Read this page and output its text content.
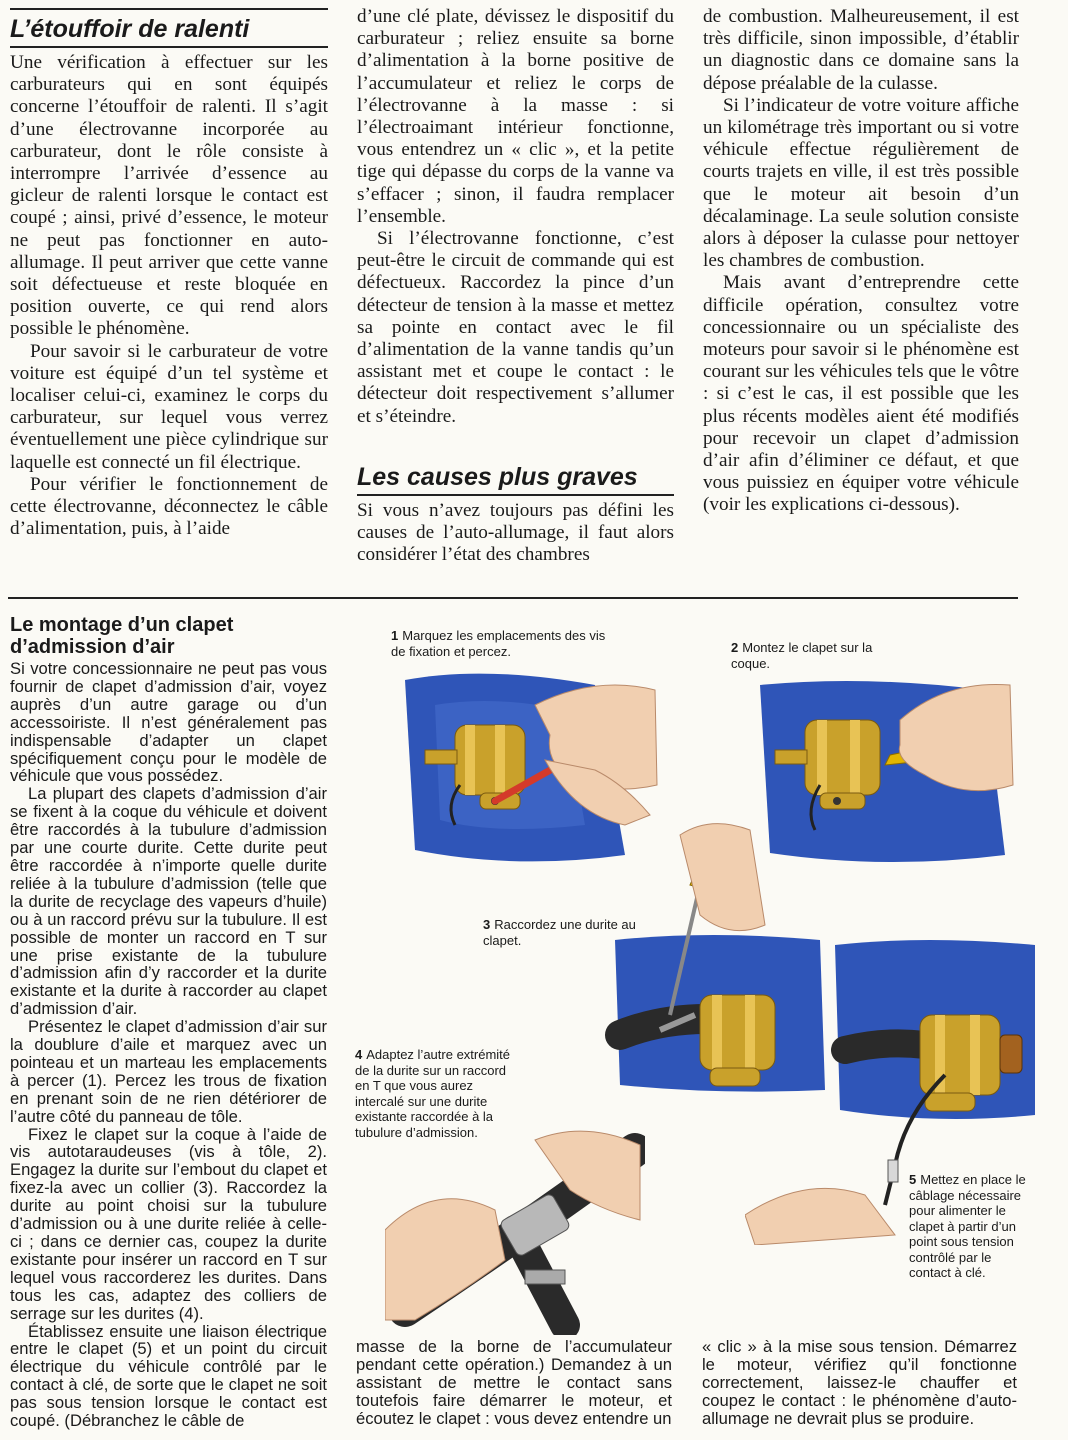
L’étouffoir de ralenti

Une vérification à effectuer sur les carburateurs qui en sont équipés concerne l’étouffoir de ralenti. Il s’agit d’une électrovanne incorporée au carburateur, dont le rôle consiste à interrompre l’arrivée d’essence au gicleur de ralenti lorsque le contact est coupé ; ainsi, privé d’essence, le moteur ne peut pas fonctionner en auto-allumage. Il peut arriver que cette vanne soit défectueuse et reste bloquée en position ouverte, ce qui rend alors possible le phénomène.

Pour savoir si le carburateur de votre voiture est équipé d’un tel système et localiser celui-ci, examinez le corps du carburateur, sur lequel vous verrez éventuellement une pièce cylindrique sur laquelle est connecté un fil électrique.

Pour vérifier le fonctionnement de cette électrovanne, déconnectez le câble d’alimentation, puis, à l’aide

d’une clé plate, dévissez le dispositif du carburateur ; reliez ensuite sa borne d’alimentation à la borne positive de l’accumulateur et reliez le corps de l’électrovanne à la masse : si l’électroaimant intérieur fonctionne, vous entendrez un « clic », et la petite tige qui dépasse du corps de la vanne va s’effacer ; sinon, il faudra remplacer l’ensemble.

Si l’électrovanne fonctionne, c’est peut-être le circuit de commande qui est défectueux. Raccordez la pince d’un détecteur de tension à la masse et mettez sa pointe en contact avec le fil d’alimentation de la vanne tandis qu’un assistant met et coupe le contact : le détecteur doit respectivement s’allumer et s’éteindre.

Les causes plus graves

Si vous n’avez toujours pas défini les causes de l’auto-allumage, il faut alors considérer l’état des chambres

de combustion. Malheureusement, il est très difficile, sinon impossible, d’établir un diagnostic dans ce domaine sans la dépose préalable de la culasse.

Si l’indicateur de votre voiture affiche un kilométrage très important ou si votre véhicule effectue régulièrement de courts trajets en ville, il est très possible que le moteur ait besoin d’un décalaminage. La seule solution consiste alors à déposer la culasse pour nettoyer les chambres de combustion.

Mais avant d’entreprendre cette difficile opération, consultez votre concessionnaire ou un spécialiste des moteurs pour savoir si le phénomène est courant sur les véhicules tels que le vôtre : si c’est le cas, il est possible que les plus récents modèles aient été modifiés pour recevoir un clapet d’admission d’air afin d’éliminer ce défaut, et que vous puissiez en équiper votre véhicule (voir les explications ci-dessous).

Le montage d’un clapet d’admission d’air

Si votre concessionnaire ne peut pas vous fournir de clapet d’admission d’air, voyez auprès d’un autre garage ou d’un accessoiriste. Il n’est généralement pas indispensable d’adapter un clapet spécifiquement conçu pour le modèle de véhicule que vous possédez.

La plupart des clapets d’admission d’air se fixent à la coque du véhicule et doivent être raccordés à la tubulure d’admission par une courte durite. Cette durite peut être raccordée à n’importe quelle durite reliée à la tubulure d’admission (telle que la durite de recyclage des vapeurs d’huile) ou à un raccord prévu sur la tubulure. Il est possible de monter un raccord en T sur une prise existante de la tubulure d’admission afin d’y raccorder et la durite existante et la durite à raccorder au clapet d’admission d’air.

Présentez le clapet d’admission d’air sur la doublure d’aile et marquez avec un pointeau et un marteau les emplacements à percer (1). Percez les trous de fixation en prenant soin de ne rien détériorer de l’autre côté du panneau de tôle.

Fixez le clapet sur la coque à l’aide de vis autotaraudeuses (vis à tôle, 2). Engagez la durite sur l’embout du clapet et fixez-la avec un collier (3). Raccordez la durite au point choisi sur la tubulure d’admission ou à une durite reliée à celle-ci ; dans ce dernier cas, coupez la durite existante pour insérer un raccord en T sur lequel vous raccorderez les durites. Dans tous les cas, adaptez des colliers de serrage sur les durites (4).

Établissez ensuite une liaison électrique entre le clapet (5) et un point du circuit électrique du véhicule contrôlé par le contact à clé, de sorte que le clapet ne soit pas sous tension lorsque le contact est coupé. (Débranchez le câble de

masse de la borne de l’accumulateur pendant cette opération.) Demandez à un assistant de mettre le contact sans toutefois faire démarrer le moteur, et écoutez le clapet : vous devez entendre un

« clic » à la mise sous tension. Démarrez le moteur, vérifiez qu’il fonctionne correctement, laissez-le chauffer et coupez le contact : le phénomène d’auto-allumage ne devrait plus se produire.

1 Marquez les emplacements des vis de fixation et percez.	2 Montez le clapet sur la coque.
3 Raccordez une durite au clapet.
4 Adaptez l’autre extrémité de la durite sur un raccord en T que vous aurez intercalé sur une durite existante raccordée à la tubulure d’admission.
5 Mettez en place le câblage nécessaire pour alimenter le clapet à partir d’un point sous tension contrôlé par le contact à clé.
